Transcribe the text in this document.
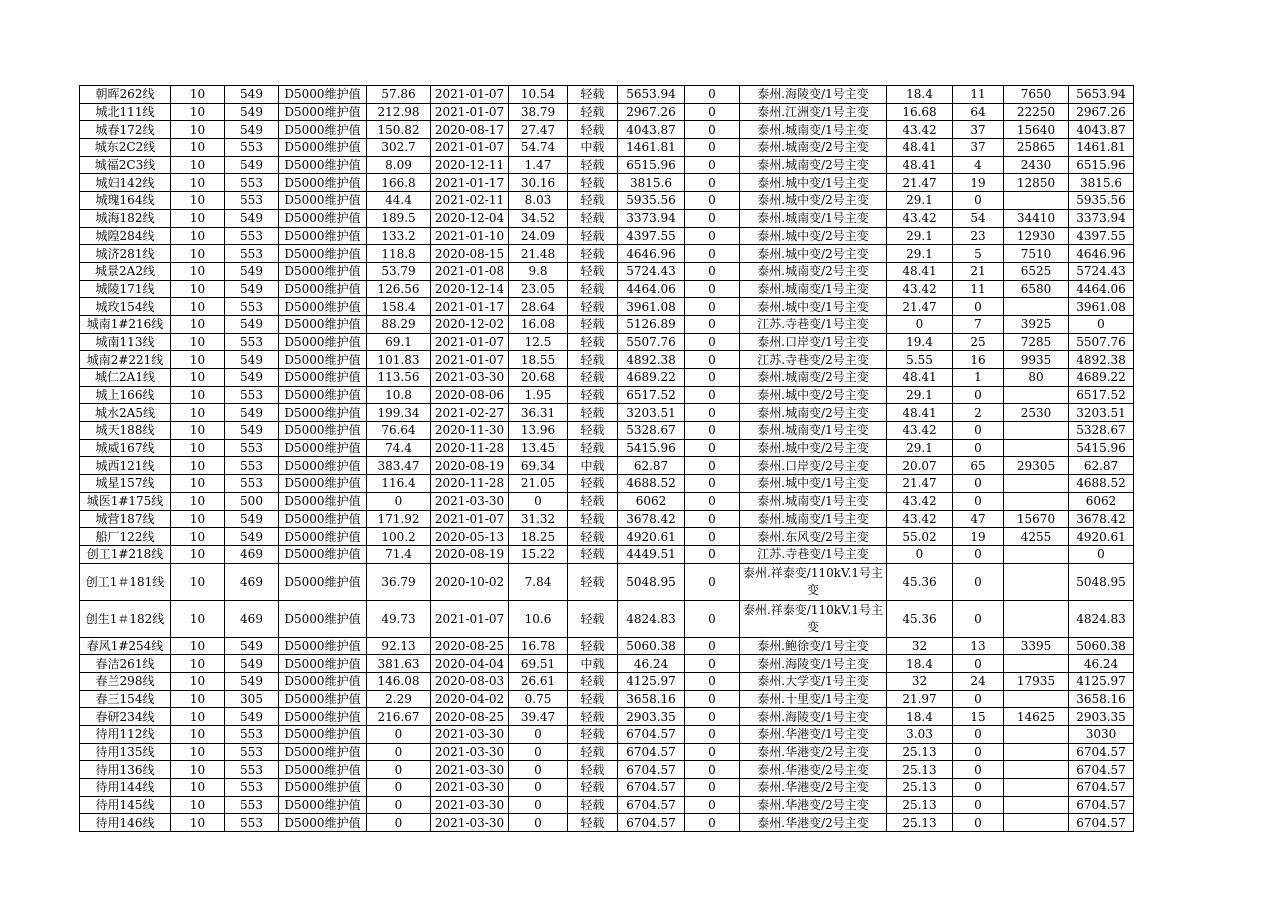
朝晖262线	10	549	D5000维护值	57.86	2021-01-07	10.54	轻载	5653.94	0	泰州.海陵变/1号主变	18.4	11	7650	5653.94
城北111线	10	549	D5000维护值	212.98	2021-01-07	38.79	轻载	2967.26	0	泰州.江洲变/1号主变	16.68	64	22250	2967.26
城春172线	10	549	D5000维护值	150.82	2020-08-17	27.47	轻载	4043.87	0	泰州.城南变/1号主变	43.42	37	15640	4043.87
城东2C2线	10	553	D5000维护值	302.7	2021-01-07	54.74	中载	1461.81	0	泰州.城南变/2号主变	48.41	37	25865	1461.81
城福2C3线	10	549	D5000维护值	8.09	2020-12-11	1.47	轻载	6515.96	0	泰州.城南变/2号主变	48.41	4	2430	6515.96
城妇142线	10	553	D5000维护值	166.8	2021-01-17	30.16	轻载	3815.6	0	泰州.城中变/1号主变	21.47	19	12850	3815.6
城瑰164线	10	553	D5000维护值	44.4	2021-02-11	8.03	轻载	5935.56	0	泰州.城中变/2号主变	29.1	0		5935.56
城海182线	10	549	D5000维护值	189.5	2020-12-04	34.52	轻载	3373.94	0	泰州.城南变/1号主变	43.42	54	34410	3373.94
城隍284线	10	553	D5000维护值	133.2	2021-01-10	24.09	轻载	4397.55	0	泰州.城中变/2号主变	29.1	23	12930	4397.55
城济281线	10	553	D5000维护值	118.8	2020-08-15	21.48	轻载	4646.96	0	泰州.城中变/2号主变	29.1	5	7510	4646.96
城景2A2线	10	549	D5000维护值	53.79	2021-01-08	9.8	轻载	5724.43	0	泰州.城南变/2号主变	48.41	21	6525	5724.43
城陵171线	10	549	D5000维护值	126.56	2020-12-14	23.05	轻载	4464.06	0	泰州.城南变/1号主变	43.42	11	6580	4464.06
城玫154线	10	553	D5000维护值	158.4	2021-01-17	28.64	轻载	3961.08	0	泰州.城中变/1号主变	21.47	0		3961.08
城南1#216线	10	549	D5000维护值	88.29	2020-12-02	16.08	轻载	5126.89	0	江苏.寺巷变/1号主变	0	7	3925	0
城南113线	10	553	D5000维护值	69.1	2021-01-07	12.5	轻载	5507.76	0	泰州.口岸变/1号主变	19.4	25	7285	5507.76
城南2#221线	10	549	D5000维护值	101.83	2021-01-07	18.55	轻载	4892.38	0	江苏.寺巷变/2号主变	5.55	16	9935	4892.38
城仁2A1线	10	549	D5000维护值	113.56	2021-03-30	20.68	轻载	4689.22	0	泰州.城南变/2号主变	48.41	1	80	4689.22
城上166线	10	553	D5000维护值	10.8	2020-08-06	1.95	轻载	6517.52	0	泰州.城中变/2号主变	29.1	0		6517.52
城水2A5线	10	549	D5000维护值	199.34	2021-02-27	36.31	轻载	3203.51	0	泰州.城南变/2号主变	48.41	2	2530	3203.51
城天188线	10	549	D5000维护值	76.64	2020-11-30	13.96	轻载	5328.67	0	泰州.城南变/1号主变	43.42	0		5328.67
城威167线	10	553	D5000维护值	74.4	2020-11-28	13.45	轻载	5415.96	0	泰州.城中变/2号主变	29.1	0		5415.96
城西121线	10	553	D5000维护值	383.47	2020-08-19	69.34	中载	62.87	0	泰州.口岸变/2号主变	20.07	65	29305	62.87
城星157线	10	553	D5000维护值	116.4	2020-11-28	21.05	轻载	4688.52	0	泰州.城中变/1号主变	21.47	0		4688.52
城医1#175线	10	500	D5000维护值	0	2021-03-30	0	轻载	6062	0	泰州.城南变/1号主变	43.42	0		6062
城营187线	10	549	D5000维护值	171.92	2021-01-07	31.32	轻载	3678.42	0	泰州.城南变/1号主变	43.42	47	15670	3678.42
船厂122线	10	549	D5000维护值	100.2	2020-05-13	18.25	轻载	4920.61	0	泰州.东风变/2号主变	55.02	19	4255	4920.61
创工1#218线	10	469	D5000维护值	71.4	2020-08-19	15.22	轻载	4449.51	0	江苏.寺巷变/1号主变	0	0		0
创工1＃181线	10	469	D5000维护值	36.79	2020-10-02	7.84	轻载	5048.95	0	泰州.祥泰变/110kV.1号主变	45.36	0		5048.95
创生1＃182线	10	469	D5000维护值	49.73	2021-01-07	10.6	轻载	4824.83	0	泰州.祥泰变/110kV.1号主变	45.36	0		4824.83
春风1#254线	10	549	D5000维护值	92.13	2020-08-25	16.78	轻载	5060.38	0	泰州.鲍徐变/1号主变	32	13	3395	5060.38
春洁261线	10	549	D5000维护值	381.63	2020-04-04	69.51	中载	46.24	0	泰州.海陵变/1号主变	18.4	0		46.24
春兰298线	10	549	D5000维护值	146.08	2020-08-03	26.61	轻载	4125.97	0	泰州.大学变/1号主变	32	24	17935	4125.97
春三154线	10	305	D5000维护值	2.29	2020-04-02	0.75	轻载	3658.16	0	泰州.十里变/1号主变	21.97	0		3658.16
春研234线	10	549	D5000维护值	216.67	2020-08-25	39.47	轻载	2903.35	0	泰州.海陵变/1号主变	18.4	15	14625	2903.35
待用112线	10	553	D5000维护值	0	2021-03-30	0	轻载	6704.57	0	泰州.华港变/1号主变	3.03	0		3030
待用135线	10	553	D5000维护值	0	2021-03-30	0	轻载	6704.57	0	泰州.华港变/2号主变	25.13	0		6704.57
待用136线	10	553	D5000维护值	0	2021-03-30	0	轻载	6704.57	0	泰州.华港变/2号主变	25.13	0		6704.57
待用144线	10	553	D5000维护值	0	2021-03-30	0	轻载	6704.57	0	泰州.华港变/2号主变	25.13	0		6704.57
待用145线	10	553	D5000维护值	0	2021-03-30	0	轻载	6704.57	0	泰州.华港变/2号主变	25.13	0		6704.57
待用146线	10	553	D5000维护值	0	2021-03-30	0	轻载	6704.57	0	泰州.华港变/2号主变	25.13	0		6704.57
